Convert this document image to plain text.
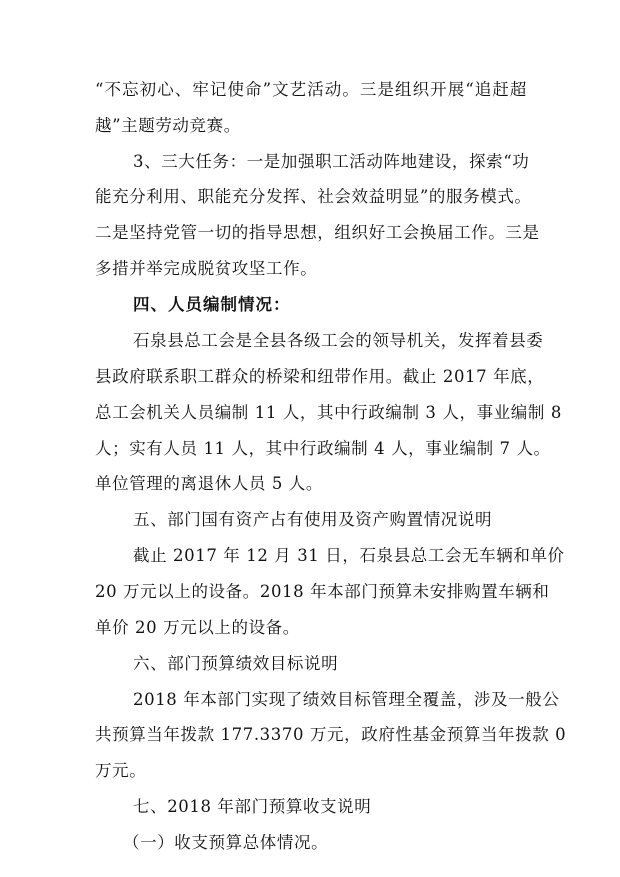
“不忘初心、牢记使命”文艺活动。三是组织开展“追赶超
越”主题劳动竞赛。
3、三大任务：一是加强职工活动阵地建设，探索“功
能充分利用、职能充分发挥、社会效益明显”的服务模式。
二是坚持党管一切的指导思想，组织好工会换届工作。三是
多措并举完成脱贫攻坚工作。
四、人员编制情况：
石泉县总工会是全县各级工会的领导机关，发挥着县委
县政府联系职工群众的桥梁和纽带作用。截止 2017 年底，
总工会机关人员编制 11 人，其中行政编制 3 人，事业编制 8
人；实有人员 11 人，其中行政编制 4 人，事业编制 7 人。
单位管理的离退休人员 5 人。
五、部门国有资产占有使用及资产购置情况说明
截止 2017 年 12 月 31 日，石泉县总工会无车辆和单价
20 万元以上的设备。2018 年本部门预算未安排购置车辆和
单价 20 万元以上的设备。
六、部门预算绩效目标说明
2018 年本部门实现了绩效目标管理全覆盖，涉及一般公
共预算当年拨款 177.3370 万元，政府性基金预算当年拨款 0
万元。
七、2018 年部门预算收支说明
（一）收支预算总体情况。
